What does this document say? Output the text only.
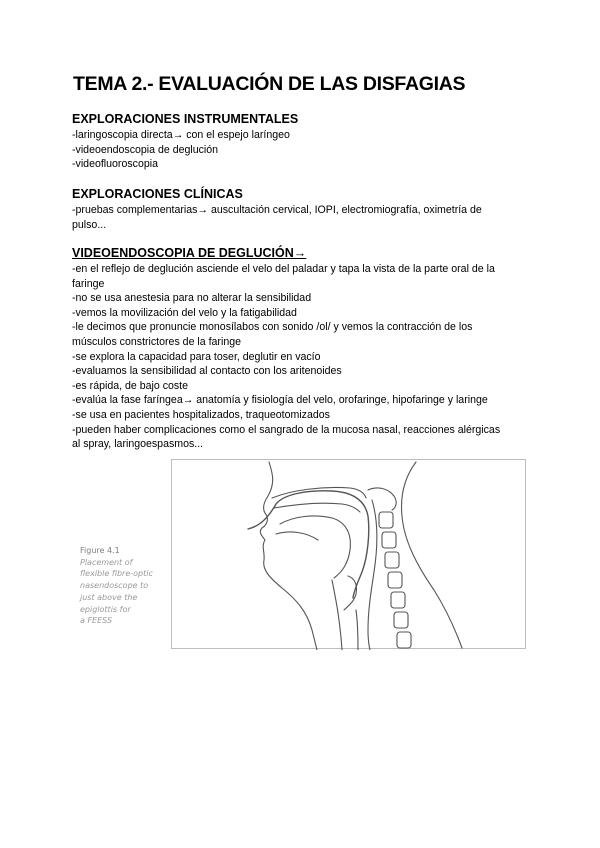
TEMA 2.- EVALUACIÓN DE LAS DISFAGIAS

EXPLORACIONES INSTRUMENTALES

-laringoscopia directa→ con el espejo laríngeo

-videoendoscopia de deglución

-videofluoroscopia

EXPLORACIONES CLÍNICAS

-pruebas complementarias→ auscultación cervical, IOPI, electromiografía, oximetría de

pulso...

VIDEOENDOSCOPIA DE DEGLUCIÓN→

-en el reflejo de deglución asciende el velo del paladar y tapa la vista de la parte oral de la

faringe

-no se usa anestesia para no alterar la sensibilidad

-vemos la movilización del velo y la fatigabilidad

-le decimos que pronuncie monosílabos con sonido /ol/ y vemos la contracción de los

músculos constrictores de la faringe

-se explora la capacidad para toser, deglutir en vacío

-evaluamos la sensibilidad al contacto con los aritenoides

-es rápida, de bajo coste

-evalúa la fase faríngea→ anatomía y fisiología del velo, orofaringe, hipofaringe y laringe

-se usa en pacientes hospitalizados, traqueotomizados

-pueden haber complicaciones como el sangrado de la mucosa nasal, reacciones alérgicas

al spray, laringoespasmos...

Figure 4.1
Placement of
flexible fibre-optic
nasendoscope to
just above the
epiglottis for
a FEESS
